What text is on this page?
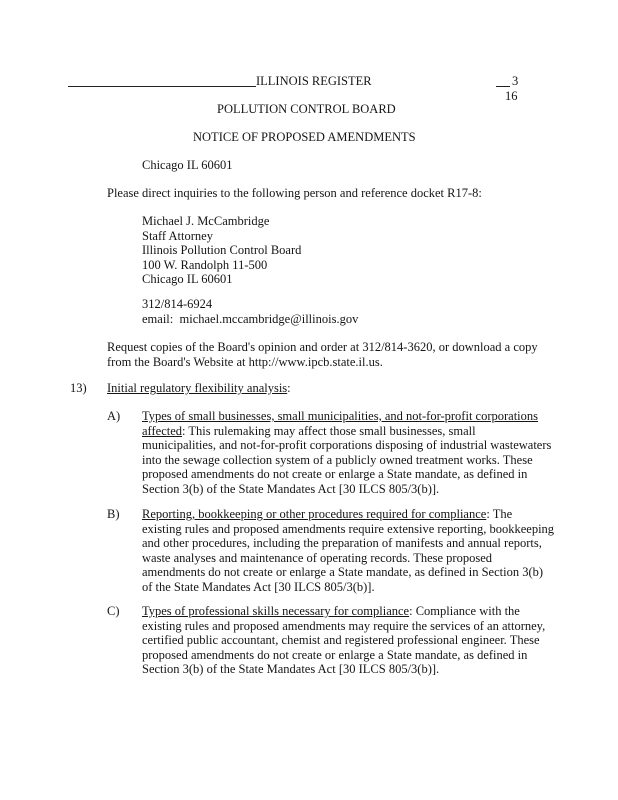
ILLINOIS REGISTER	3
16
POLLUTION CONTROL BOARD
NOTICE OF PROPOSED AMENDMENTS
Chicago IL 60601
Please direct inquiries to the following person and reference docket R17-8:
Michael J. McCambridge
Staff Attorney
Illinois Pollution Control Board
100 W. Randolph 11-500
Chicago IL 60601
312/814-6924
email: michael.mccambridge@illinois.gov
Request copies of the Board's opinion and order at 312/814-3620, or download a copy
from the Board's Website at http://www.ipcb.state.il.us.
13) Initial regulatory flexibility analysis:
A) Types of small businesses, small municipalities, and not-for-profit corporations
affected: This rulemaking may affect those small businesses, small
municipalities, and not-for-profit corporations disposing of industrial wastewaters
into the sewage collection system of a publicly owned treatment works. These
proposed amendments do not create or enlarge a State mandate, as defined in
Section 3(b) of the State Mandates Act [30 ILCS 805/3(b)].
B) Reporting, bookkeeping or other procedures required for compliance: The
existing rules and proposed amendments require extensive reporting, bookkeeping
and other procedures, including the preparation of manifests and annual reports,
waste analyses and maintenance of operating records. These proposed
amendments do not create or enlarge a State mandate, as defined in Section 3(b)
of the State Mandates Act [30 ILCS 805/3(b)].
C) Types of professional skills necessary for compliance: Compliance with the
existing rules and proposed amendments may require the services of an attorney,
certified public accountant, chemist and registered professional engineer. These
proposed amendments do not create or enlarge a State mandate, as defined in
Section 3(b) of the State Mandates Act [30 ILCS 805/3(b)].
